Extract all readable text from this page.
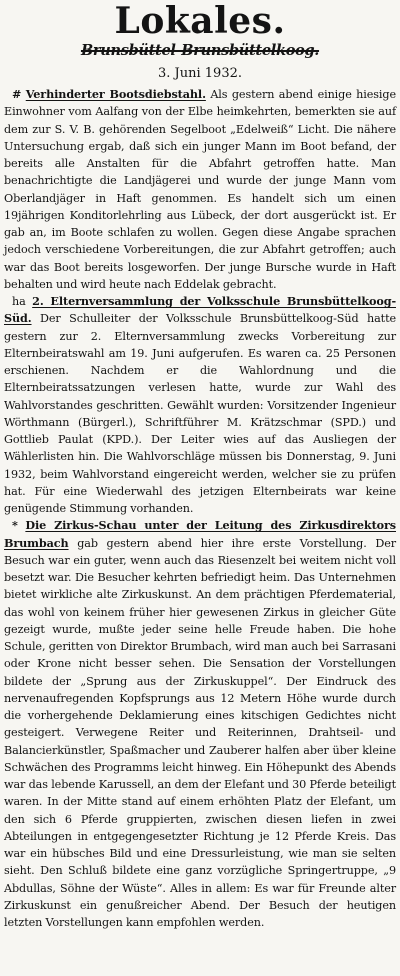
Lokales.
Brunsbüttel-Brunsbüttelkoog.
3. Juni 1932.

# Verhinderter Bootsdiebstahl. Als gestern abend einige hiesige Einwohner vom Aalfang von der Elbe heimkehrten, bemerkten sie auf dem zur S. V. B. gehörenden Segelboot „Edelweiß“ Licht. Die nähere Untersuchung ergab, daß sich ein junger Mann im Boot befand, der bereits alle Anstalten für die Abfahrt getroffen hatte. Man benachrichtigte die Landjägerei und wurde der junge Mann vom Oberlandjäger in Haft genommen. Es handelt sich um einen 19jährigen Konditorlehrling aus Lübeck, der dort ausgerückt ist. Er gab an, im Boote schlafen zu wollen. Gegen diese Angabe sprachen jedoch verschiedene Vorbereitungen, die zur Abfahrt getroffen; auch war das Boot bereits losgeworfen. Der junge Bursche wurde in Haft behalten und wird heute nach Eddelak gebracht.

ha 2. Elternversammlung der Volksschule Brunsbüttelkoog-Süd. Der Schulleiter der Volksschule Brunsbüttelkoog-Süd hatte gestern zur 2. Elternversammlung zwecks Vorbereitung zur Elternbeiratswahl am 19. Juni aufgerufen. Es waren ca. 25 Personen erschienen. Nachdem er die Wahlordnung und die Elternbeiratssatzungen verlesen hatte, wurde zur Wahl des Wahlvorstandes geschritten. Gewählt wurden: Vorsitzender Ingenieur Wörthmann (Bürgerl.), Schriftführer M. Krätzschmar (SPD.) und Gottlieb Paulat (KPD.). Der Leiter wies auf das Ausliegen der Wählerlisten hin. Die Wahlvorschläge müssen bis Donnerstag, 9. Juni 1932, beim Wahlvorstand eingereicht werden, welcher sie zu prüfen hat. Für eine Wiederwahl des jetzigen Elternbeirats war keine genügende Stimmung vorhanden.

* Die Zirkus-Schau unter der Leitung des Zirkusdirektors Brumbach gab gestern abend hier ihre erste Vorstellung. Der Besuch war ein guter, wenn auch das Riesenzelt bei weitem nicht voll besetzt war. Die Besucher kehrten befriedigt heim. Das Unternehmen bietet wirkliche alte Zirkuskunst. An dem prächtigen Pferdematerial, das wohl von keinem früher hier gewesenen Zirkus in gleicher Güte gezeigt wurde, mußte jeder seine helle Freude haben. Die hohe Schule, geritten von Direktor Brumbach, wird man auch bei Sarrasani oder Krone nicht besser sehen. Die Sensation der Vorstellungen bildete der „Sprung aus der Zirkuskuppel“. Der Eindruck des nervenaufregenden Kopfsprungs aus 12 Metern Höhe wurde durch die vorhergehende Deklamierung eines kitschigen Gedichtes nicht gesteigert. Verwegene Reiter und Reiterinnen, Drahtseil- und Balancierkünstler, Spaßmacher und Zauberer halfen aber über kleine Schwächen des Programms leicht hinweg. Ein Höhepunkt des Abends war das lebende Karussell, an dem der Elefant und 30 Pferde beteiligt waren. In der Mitte stand auf einem erhöhten Platz der Elefant, um den sich 6 Pferde gruppierten, zwischen diesen liefen in zwei Abteilungen in entgegengesetzter Richtung je 12 Pferde Kreis. Das war ein hübsches Bild und eine Dressurleistung, wie man sie selten sieht. Den Schluß bildete eine ganz vorzügliche Springertruppe, „9 Abdullas, Söhne der Wüste“. Alles in allem: Es war für Freunde alter Zirkuskunst ein genußreicher Abend. Der Besuch der heutigen letzten Vorstellungen kann empfohlen werden.
